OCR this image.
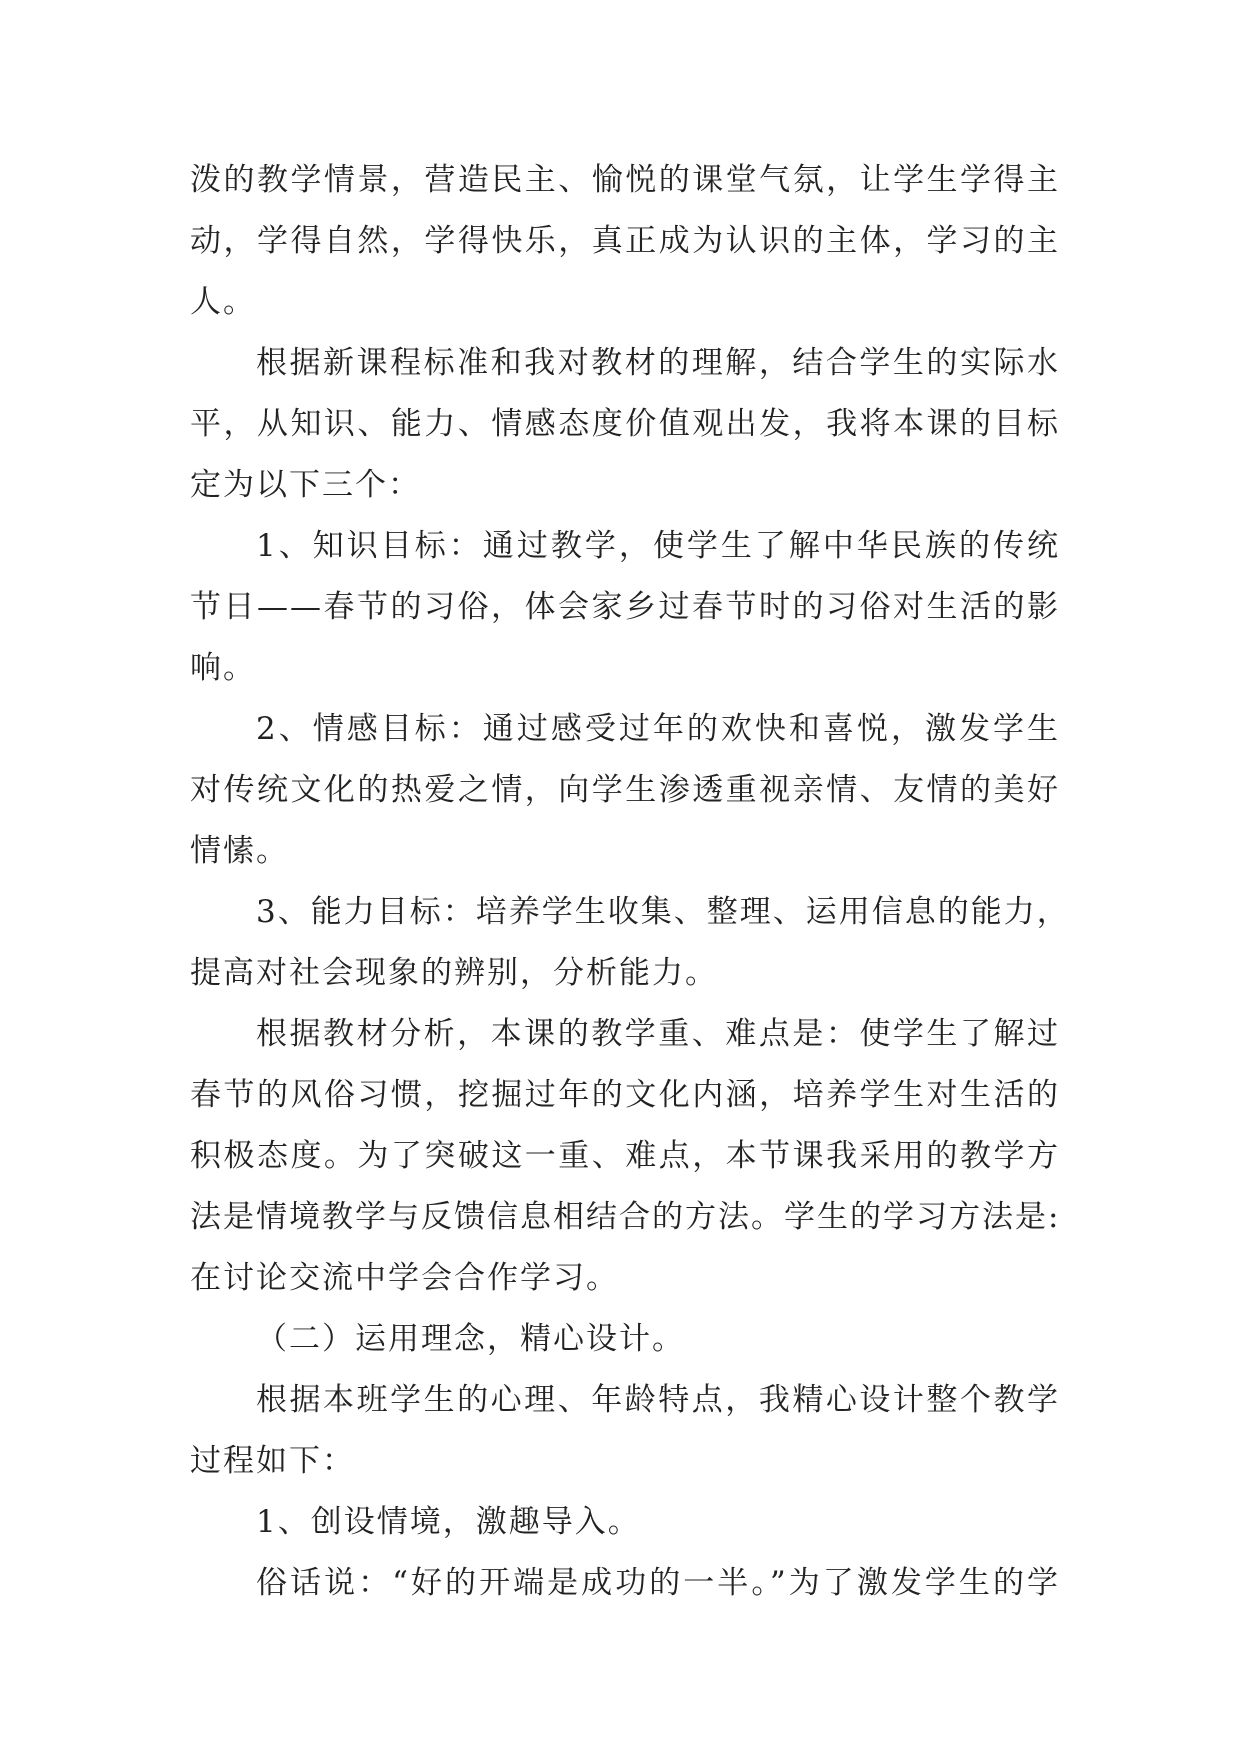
泼的教学情景，营造民主、愉悦的课堂气氛，让学生学得主
动，学得自然，学得快乐，真正成为认识的主体，学习的主
人。
根据新课程标准和我对教材的理解，结合学生的实际水
平，从知识、能力、情感态度价值观出发，我将本课的目标
定为以下三个：
1、知识目标：通过教学，使学生了解中华民族的传统
节日——春节的习俗，体会家乡过春节时的习俗对生活的影
响。
2、情感目标：通过感受过年的欢快和喜悦，激发学生
对传统文化的热爱之情，向学生渗透重视亲情、友情的美好
情愫。
3、能力目标：培养学生收集、整理、运用信息的能力，
提高对社会现象的辨别，分析能力。
根据教材分析，本课的教学重、难点是：使学生了解过
春节的风俗习惯，挖掘过年的文化内涵，培养学生对生活的
积极态度。为了突破这一重、难点，本节课我采用的教学方
法是情境教学与反馈信息相结合的方法。学生的学习方法是:
在讨论交流中学会合作学习。
（二）运用理念，精心设计。
根据本班学生的心理、年龄特点，我精心设计整个教学
过程如下：
1、创设情境，激趣导入。
俗话说：“好的开端是成功的一半。”为了激发学生的学
